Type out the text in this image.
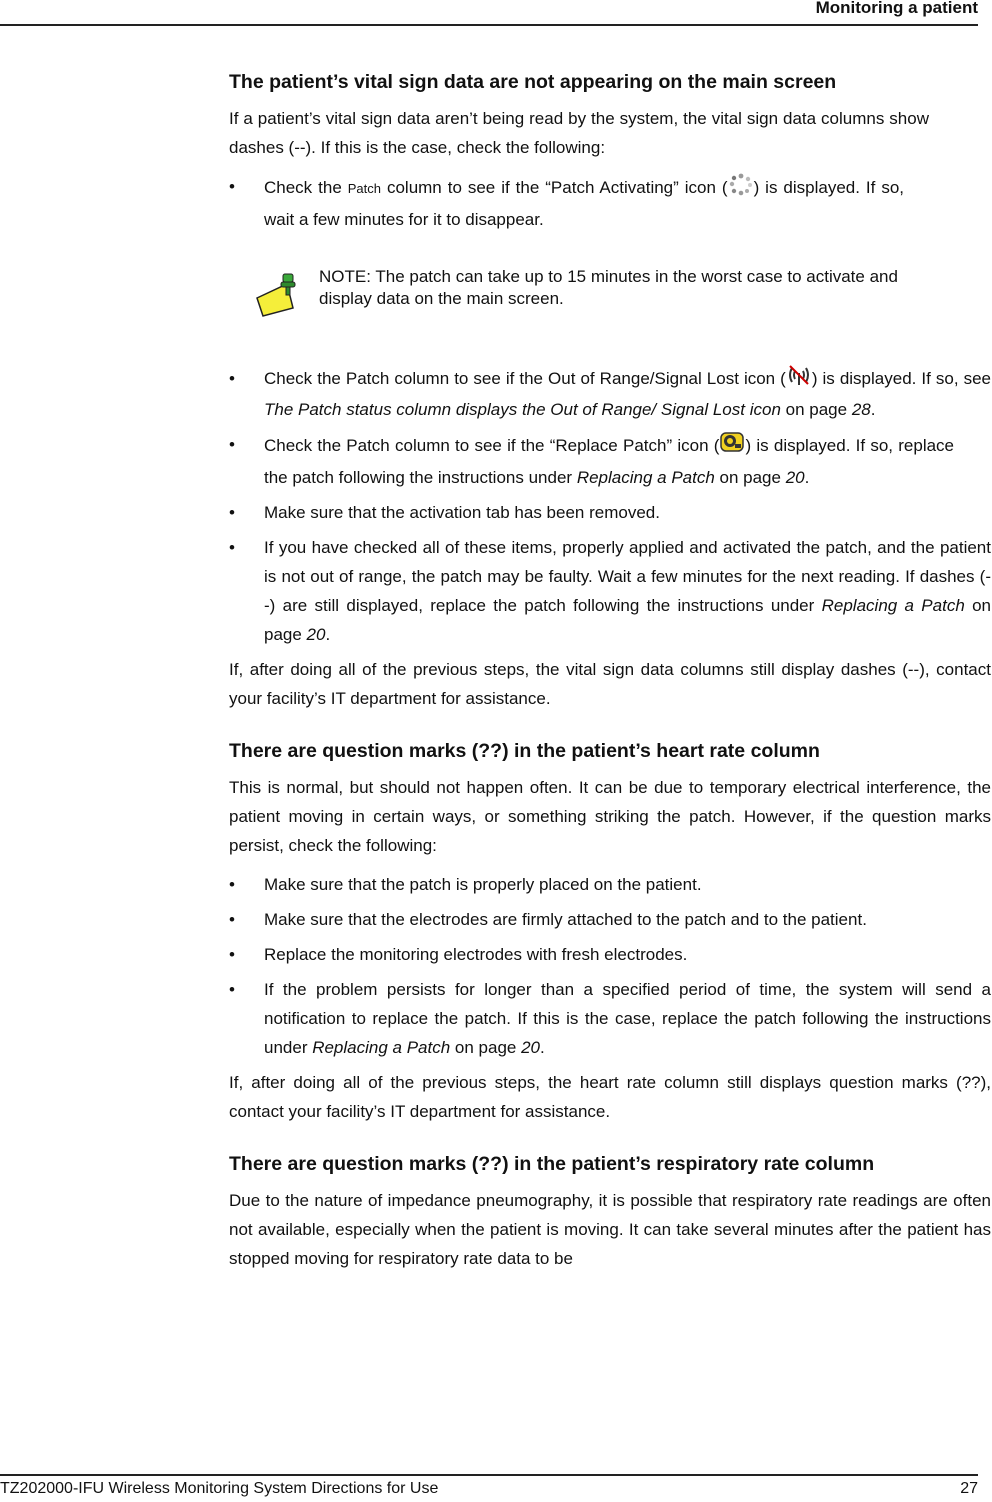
Monitoring a patient
The patient’s vital sign data are not appearing on the main screen

If a patient’s vital sign data aren’t being read by the system, the vital sign data columns show dashes (--). If this is the case, check the following:

• Check the Patch column to see if the “Patch Activating” icon ( ) is displayed. If so, wait a few minutes for it to disappear.
NOTE: The patch can take up to 15 minutes in the worst case to activate and display data on the main screen.
• Check the Patch column to see if the Out of Range/Signal Lost icon ( ) is displayed. If so, see The Patch status column displays the Out of Range/ Signal Lost icon on page 28.
• Check the Patch column to see if the “Replace Patch” icon ( ) is displayed. If so, replace the patch following the instructions under Replacing a Patch on page 20.
• Make sure that the activation tab has been removed.
• If you have checked all of these items, properly applied and activated the patch, and the patient is not out of range, the patch may be faulty. Wait a few minutes for the next reading. If dashes (--) are still displayed, replace the patch following the instructions under Replacing a Patch on page 20.

If, after doing all of the previous steps, the vital sign data columns still display dashes (--), contact your facility’s IT department for assistance.

There are question marks (??) in the patient’s heart rate column

This is normal, but should not happen often. It can be due to temporary electrical interference, the patient moving in certain ways, or something striking the patch. However, if the question marks persist, check the following:

• Make sure that the patch is properly placed on the patient.
• Make sure that the electrodes are firmly attached to the patch and to the patient.
• Replace the monitoring electrodes with fresh electrodes.
• If the problem persists for longer than a specified period of time, the system will send a notification to replace the patch. If this is the case, replace the patch following the instructions under Replacing a Patch on page 20.

If, after doing all of the previous steps, the heart rate column still displays question marks (??), contact your facility’s IT department for assistance.

There are question marks (??) in the patient’s respiratory rate column

Due to the nature of impedance pneumography, it is possible that respiratory rate readings are often not available, especially when the patient is moving. It can take several minutes after the patient has stopped moving for respiratory rate data to be

TZ202000-IFU Wireless Monitoring System Directions for Use	27
